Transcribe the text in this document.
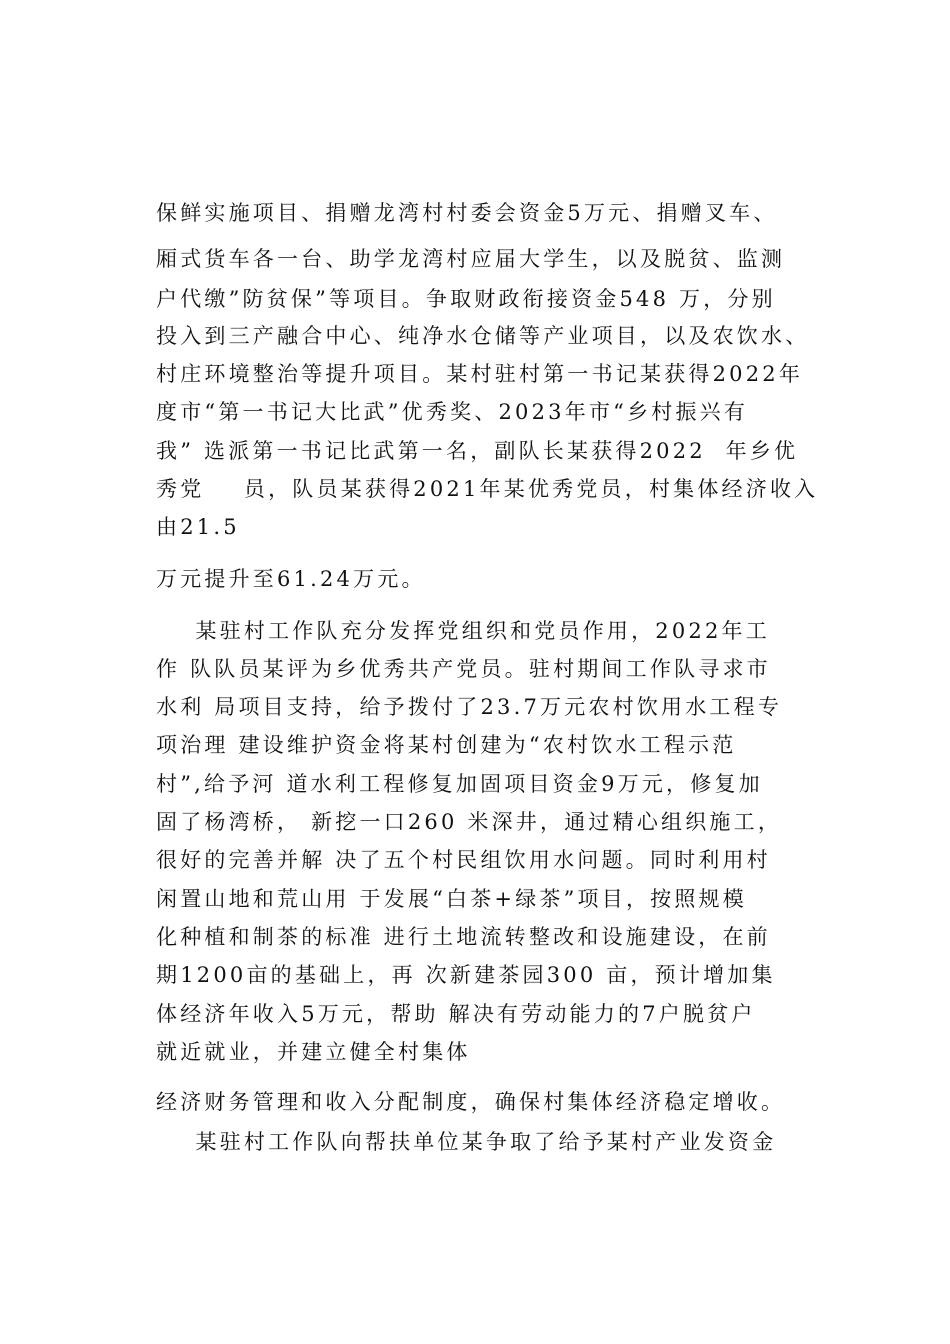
保鲜实施项目、捐赠龙湾村村委会资金5万元、捐赠叉车、
厢式货车各一台、助学龙湾村应届大学生，以及脱贫、监测
户代缴”防贫保”等项目。争取财政衔接资金548 万，分别
投入到三产融合中心、纯净水仓储等产业项目，以及农饮水、
村庄环境整治等提升项目。某村驻村第一书记某获得2022年
度市“第一书记大比武”优秀奖、2023年市“乡村振兴有
我” 选派第一书记比武第一名，副队长某获得2022  年乡优
秀党    员，队员某获得2021年某优秀党员，村集体经济收入
由21.5
万元提升至61.24万元。
某驻村工作队充分发挥党组织和党员作用，2022年工
作 队队员某评为乡优秀共产党员。驻村期间工作队寻求市
水利 局项目支持，给予拨付了23.7万元农村饮用水工程专
项治理 建设维护资金将某村创建为“农村饮水工程示范
村”,给予河 道水利工程修复加固项目资金9万元，修复加
固了杨湾桥， 新挖一口260 米深井，通过精心组织施工，
很好的完善并解 决了五个村民组饮用水问题。同时利用村
闲置山地和荒山用 于发展“白茶+绿茶”项目，按照规模
化种植和制茶的标准 进行土地流转整改和设施建设，在前
期1200亩的基础上，再 次新建茶园300 亩，预计增加集
体经济年收入5万元，帮助 解决有劳动能力的7户脱贫户
就近就业，并建立健全村集体
经济财务管理和收入分配制度，确保村集体经济稳定增收。
某驻村工作队向帮扶单位某争取了给予某村产业发资金
